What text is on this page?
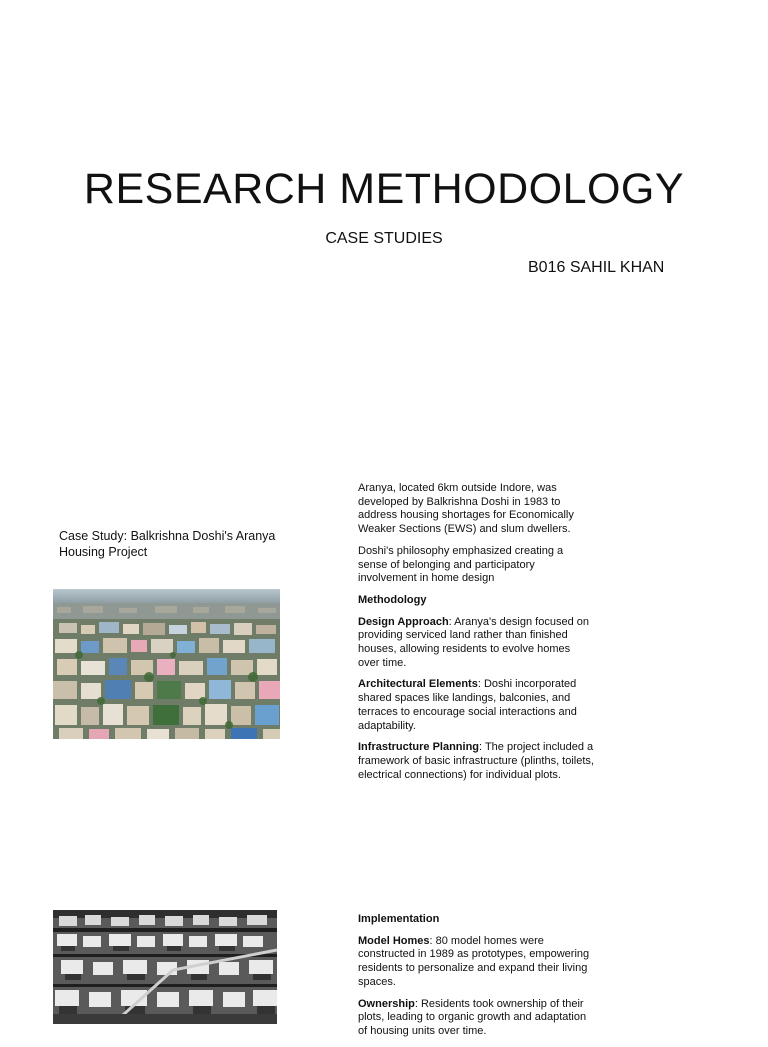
RESEARCH METHODOLOGY
CASE STUDIES
B016 SAHIL KHAN
Case Study: Balkrishna Doshi's Aranya Housing Project

Aranya, located 6km outside Indore, was developed by Balkrishna Doshi in 1983 to address housing shortages for Economically Weaker Sections (EWS) and slum dwellers.

Doshi's philosophy emphasized creating a sense of belonging and participatory involvement in home design

Methodology

Design Approach: Aranya's design focused on providing serviced land rather than finished houses, allowing residents to evolve homes over time.

Architectural Elements: Doshi incorporated shared spaces like landings, balconies, and terraces to encourage social interactions and adaptability.

Infrastructure Planning: The project included a framework of basic infrastructure (plinths, toilets, electrical connections) for individual plots.

Implementation

Model Homes: 80 model homes were constructed in 1989 as prototypes, empowering residents to personalize and expand their living spaces.

Ownership: Residents took ownership of their plots, leading to organic growth and adaptation of housing units over time.
